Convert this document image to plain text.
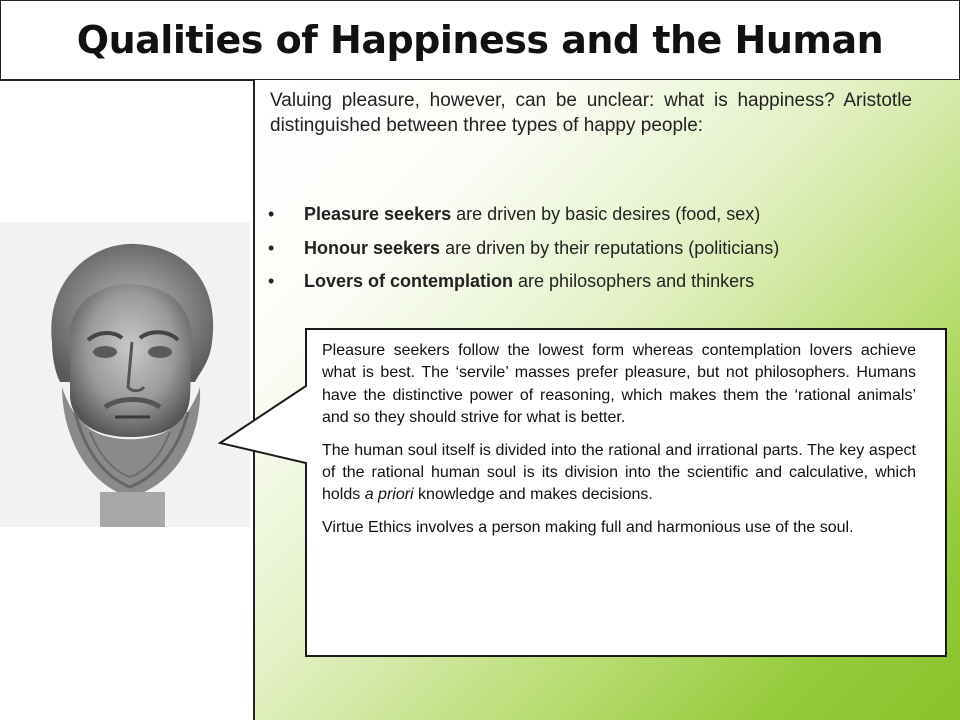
Qualities of Happiness and the Human
Valuing pleasure, however, can be unclear: what is happiness? Aristotle distinguished between three types of happy people:
• Pleasure seekers are driven by basic desires (food, sex)
• Honour seekers are driven by their reputations (politicians)
• Lovers of contemplation are philosophers and thinkers

Pleasure seekers follow the lowest form whereas contemplation lovers achieve what is best. The ‘servile’ masses prefer pleasure, but not philosophers. Humans have the distinctive power of reasoning, which makes them the ‘rational animals’ and so they should strive for what is better.

The human soul itself is divided into the rational and irrational parts. The key aspect of the rational human soul is its division into the scientific and calculative, which holds a priori knowledge and makes decisions.

Virtue Ethics involves a person making full and harmonious use of the soul.
